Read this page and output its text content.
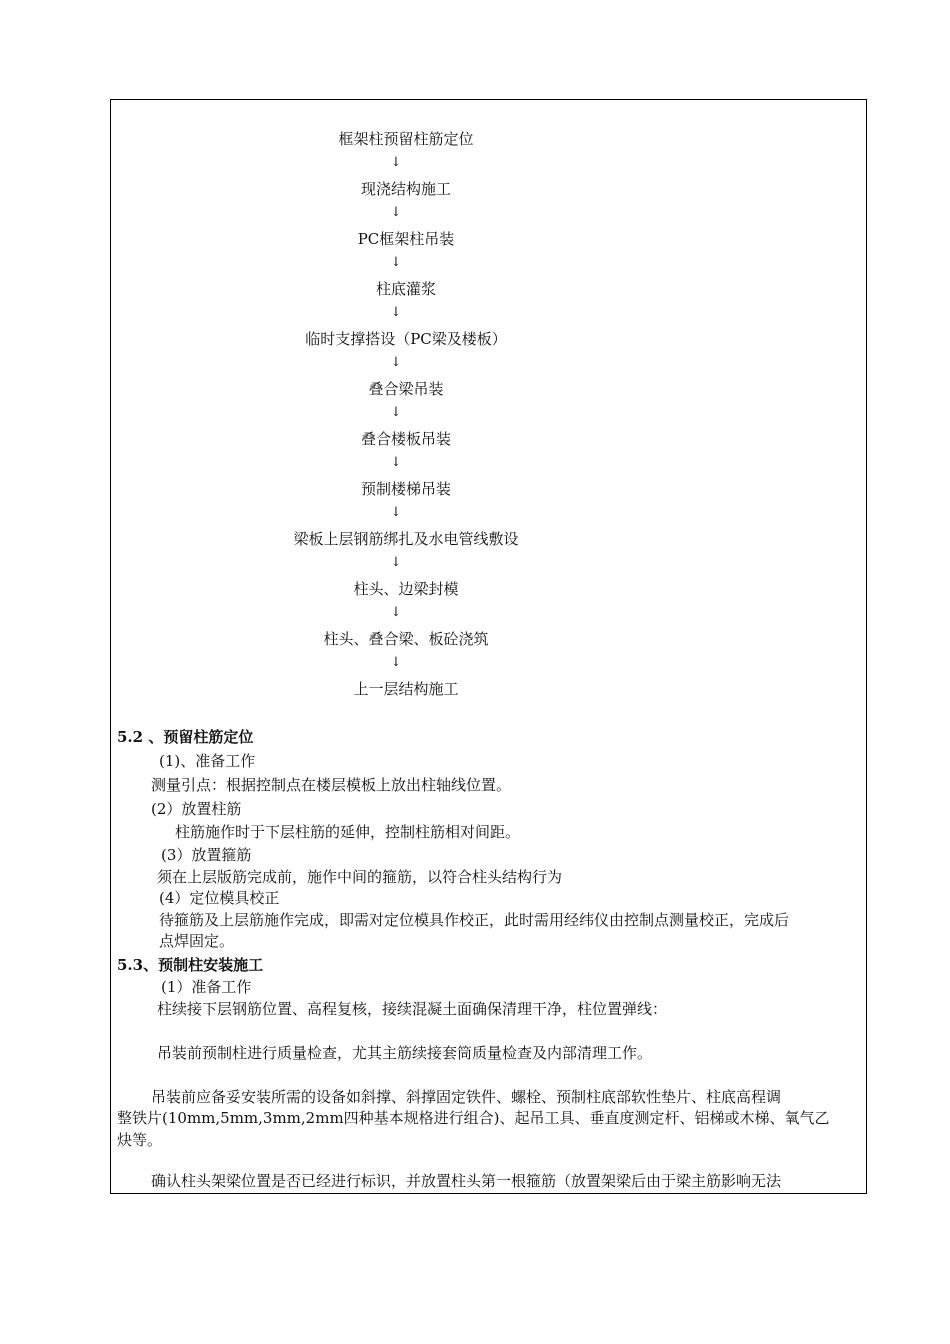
框架柱预留柱筋定位
↓
现浇结构施工
↓
PC框架柱吊装
↓
柱底灌浆
↓
临时支撑搭设（PC梁及楼板）
↓
叠合梁吊装
↓
叠合楼板吊装
↓
预制楼梯吊装
↓
梁板上层钢筋绑扎及水电管线敷设
↓
柱头、边梁封模
↓
柱头、叠合梁、板砼浇筑
↓
上一层结构施工
5.2 、预留柱筋定位
(1)、准备工作
测量引点：根据控制点在楼层模板上放出柱轴线位置。
(2）放置柱筋
柱筋施作时于下层柱筋的延伸，控制柱筋相对间距。
(3）放置箍筋
须在上层版筋完成前，施作中间的箍筋，以符合柱头结构行为
(4）定位模具校正
待箍筋及上层筋施作完成，即需对定位模具作校正，此时需用经纬仪由控制点测量校正，完成后
点焊固定。
5.3、预制柱安装施工
(1）准备工作
柱续接下层钢筋位置、高程复核，接续混凝土面确保清理干净，柱位置弹线：
吊装前预制柱进行质量检查，尤其主筋续接套筒质量检查及内部清理工作。
吊装前应备妥安装所需的设备如斜撑、斜撑固定铁件、螺栓、预制柱底部软性垫片、柱底高程调
整铁片(10mm,5mm,3mm,2mm四种基本规格进行组合)、起吊工具、垂直度测定杆、铝梯或木梯、氧气乙
炔等。
确认柱头架梁位置是否已经进行标识，并放置柱头第一根箍筋（放置架梁后由于梁主筋影响无法
